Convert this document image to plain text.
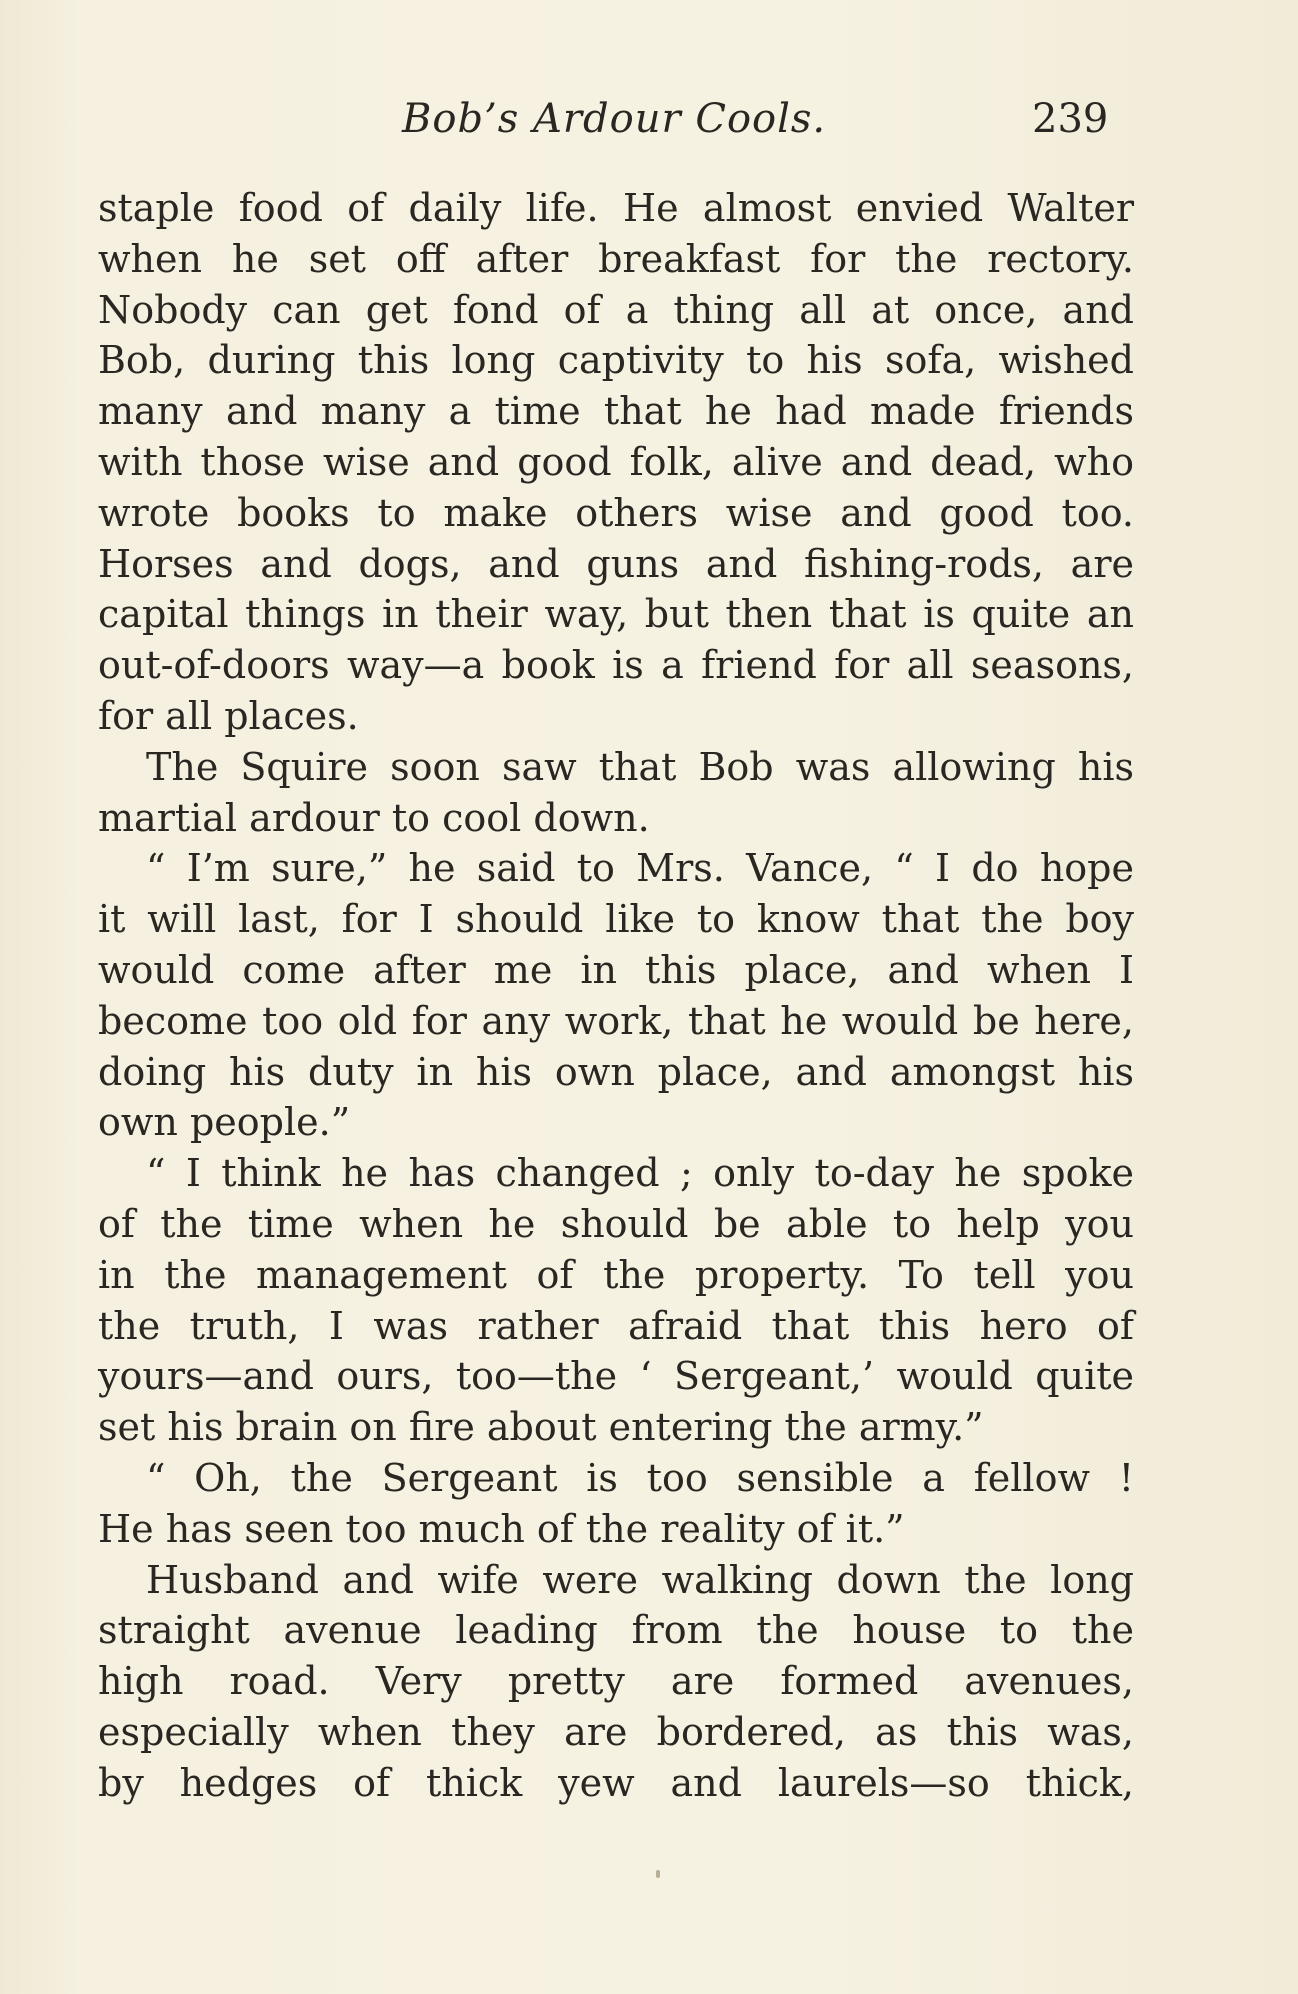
Bob’s Ardour Cools.	239
staple food of daily life. He almost envied Walter
when he set off after breakfast for the rectory.
Nobody can get fond of a thing all at once, and
Bob, during this long captivity to his sofa, wished
many and many a time that he had made friends
with those wise and good folk, alive and dead, who
wrote books to make others wise and good too.
Horses and dogs, and guns and fishing-rods, are
capital things in their way, but then that is quite an
out-of-doors way—a book is a friend for all seasons,
for all places.
The Squire soon saw that Bob was allowing his
martial ardour to cool down.
“ I’m sure,” he said to Mrs. Vance, “ I do hope
it will last, for I should like to know that the boy
would come after me in this place, and when I
become too old for any work, that he would be here,
doing his duty in his own place, and amongst his
own people.”
“ I think he has changed ; only to-day he spoke
of the time when he should be able to help you
in the management of the property. To tell you
the truth, I was rather afraid that this hero of
yours—and ours, too—the ‘ Sergeant,’ would quite
set his brain on fire about entering the army.”
“ Oh, the Sergeant is too sensible a fellow !
He has seen too much of the reality of it.”
Husband and wife were walking down the long
straight avenue leading from the house to the
high road. Very pretty are formed avenues,
especially when they are bordered, as this was,
by hedges of thick yew and laurels—so thick,
